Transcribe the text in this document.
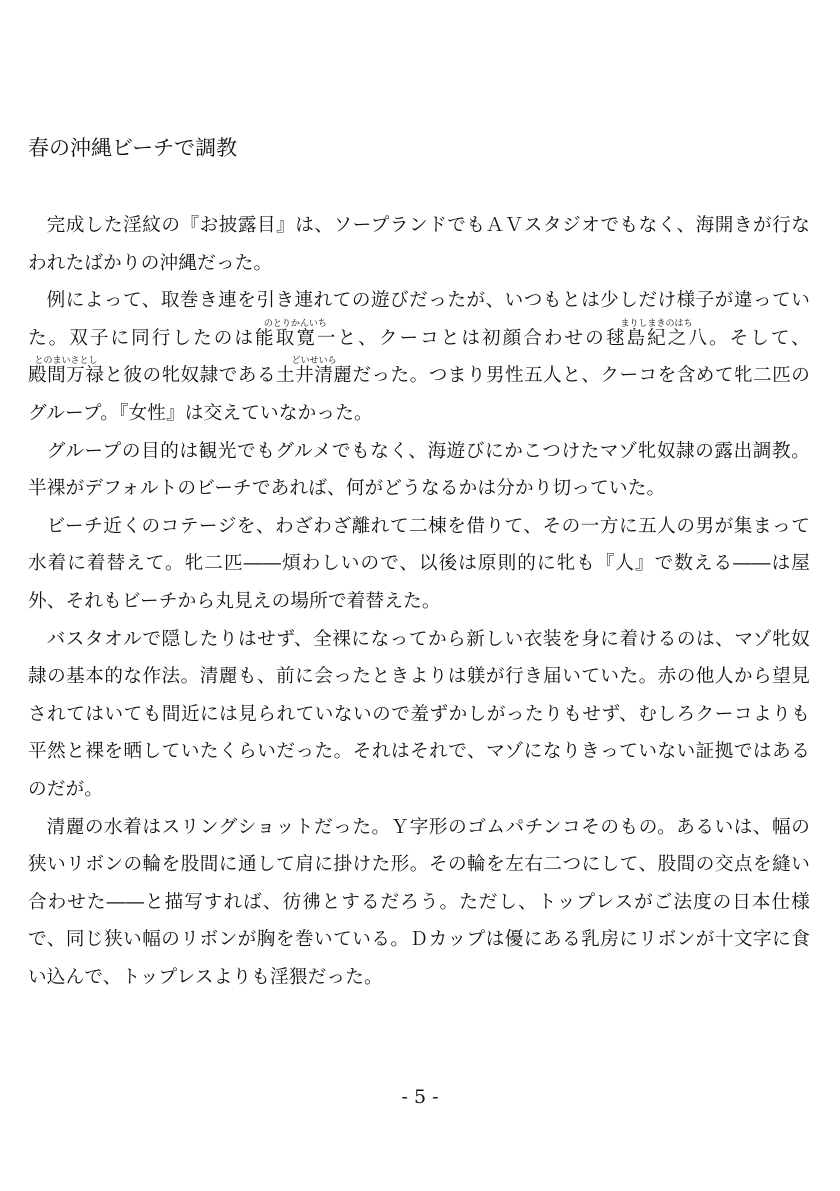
春の沖縄ビーチで調教

完成した淫紋の『お披露目』は、ソープランドでもＡＶスタジオでもなく、海開きが行なわれたばかりの沖縄だった。

例によって、取巻き連を引き連れての遊びだったが、いつもとは少しだけ様子が違っていた。双子に同行したのは能取寛一のとりかんいちと、クーコとは初顔合わせの毬島紀之八まりしまきのはち。そして、殿間万禄とのまいさとしと彼の牝奴隷である土井清麗どいせいらだった。つまり男性五人と、クーコを含めて牝二匹のグループ。『女性』は交えていなかった。

グループの目的は観光でもグルメでもなく、海遊びにかこつけたマゾ牝奴隷の露出調教。半裸がデフォルトのビーチであれば、何がどうなるかは分かり切っていた。

ビーチ近くのコテージを、わざわざ離れて二棟を借りて、その一方に五人の男が集まって水着に着替えて。牝二匹――煩わしいので、以後は原則的に牝も『人』で数える――は屋外、それもビーチから丸見えの場所で着替えた。

バスタオルで隠したりはせず、全裸になってから新しい衣装を身に着けるのは、マゾ牝奴隷の基本的な作法。清麗も、前に会ったときよりは躾が行き届いていた。赤の他人から望見されてはいても間近には見られていないので羞ずかしがったりもせず、むしろクーコよりも平然と裸を晒していたくらいだった。それはそれで、マゾになりきっていない証拠ではあるのだが。

清麗の水着はスリングショットだった。Ｙ字形のゴムパチンコそのもの。あるいは、幅の狭いリボンの輪を股間に通して肩に掛けた形。その輪を左右二つにして、股間の交点を縫い合わせた――と描写すれば、彷彿とするだろう。ただし、トップレスがご法度の日本仕様で、同じ狭い幅のリボンが胸を巻いている。Ｄカップは優にある乳房にリボンが十文字に食い込んで、トップレスよりも淫猥だった。

- 5 -
